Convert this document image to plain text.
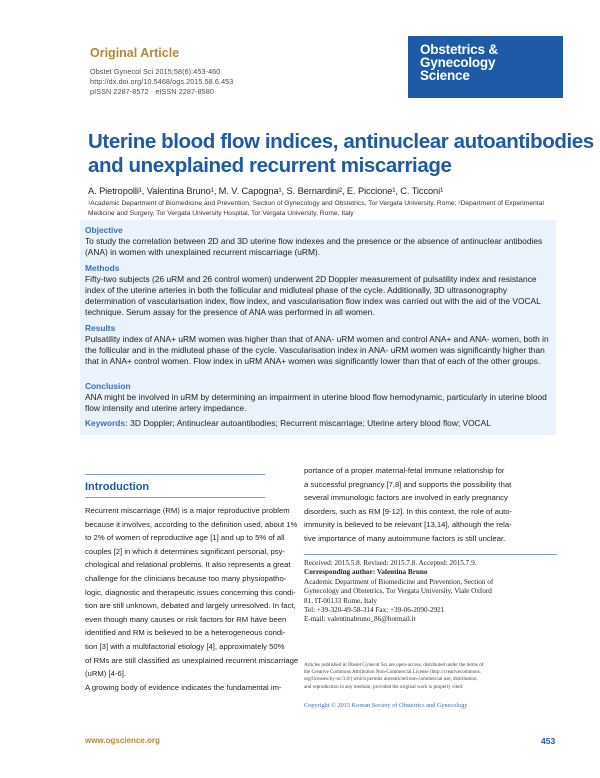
Obstetrics &
Gynecology
Science
Original Article
Obstet Gynecol Sci 2015;58(6):453-460
http://dx.doi.org/10.5468/ogs.2015.58.6.453
pISSN 2287-8572 · eISSN 2287-8580
Uterine blood flow indices, antinuclear autoantibodies
and unexplained recurrent miscarriage
A. Pietropolli¹, Valentina Bruno¹, M. V. Capogna¹, S. Bernardini², E. Piccione¹, C. Ticconi¹
¹Academic Department of Biomedicine and Prevention, Section of Gynecology and Obstetrics, Tor Vergata University, Rome; ²Department of Experimental Medicine and Surgery, Tor Vergata University Hospital, Tor Vergata University, Rome, Italy
Objective
To study the correlation between 2D and 3D uterine flow indexes and the presence or the absence of antinuclear antibodies (ANA) in women with unexplained recurrent miscarriage (uRM).
Methods
Fifty-two subjects (26 uRM and 26 control women) underwent 2D Doppler measurement of pulsatility index and resistance index of the uterine arteries in both the follicular and midluteal phase of the cycle. Additionally, 3D ultrasonography determination of vascularisation index, flow index, and vascularisation flow index was carried out with the aid of the VOCAL technique. Serum assay for the presence of ANA was performed in all women.
Results
Pulsatility index of ANA+ uRM women was higher than that of ANA- uRM women and control ANA+ and ANA- women, both in the follicular and in the midluteal phase of the cycle. Vascularisation index in ANA- uRM women was significantly higher than that in ANA+ control women. Flow index in uRM ANA+ women was significantly lower than that of each of the other groups.
Conclusion
ANA might be involved in uRM by determining an impairment in uterine blood flow hemodynamic, particularly in uterine blood flow intensity and uterine artery impedance.
Keywords: 3D Doppler; Antinuclear autoantibodies; Recurrent miscarriage; Uterine artery blood flow; VOCAL
Introduction
Recurrent miscarriage (RM) is a major reproductive problem
because it involves, according to the definition used, about 1%
to 2% of women of reproductive age [1] and up to 5% of all
couples [2] in which it determines significant personal, psy-
chological and relational problems. It also represents a great
challenge for the clinicians because too many physiopatho-
logic, diagnostic and therapeutic issues concerning this condi-
tion are still unknown, debated and largely unresolved. In fact,
even though many causes or risk factors for RM have been
identified and RM is believed to be a heterogeneous condi-
tion [3] with a multifactorial etiology [4], approximately 50%
of RMs are still classified as unexplained recurrent miscarriage
(uRM) [4-6].
A growing body of evidence indicates the fundamental im-
portance of a proper maternal-fetal immune relationship for
a successful pregnancy [7,8] and supports the possibility that
several immunologic factors are involved in early pregnancy
disorders, such as RM [9-12]. In this context, the role of auto-
immunity is believed to be relevant [13,14], although the rela-
tive importance of many autoimmune factors is still unclear.
Received: 2015.5.8. Revised: 2015.7.8. Accepted: 2015.7.9.
Corresponding author: Valentina Bruno
Academic Department of Biomedicine and Prevention, Section of
Gynecology and Obstetrics, Tor Vergata University, Viale Oxford
81, IT-00133 Rome, Italy
Tel: +39-320-49-58-314 Fax: +39-06-2090-2921
E-mail: valentinabruno_86@hotmail.it
Articles published in Obstet Gynecol Sci are open-access, distributed under the terms of
the Creative Commons Attribution Non-Commercial License (http://creativecommons.
org/licenses/by-nc/3.0/) which permits unrestricted non-commercial use, distribution,
and reproduction in any medium, provided the original work is properly cited.
Copyright © 2015 Korean Society of Obstetrics and Gynecology
www.ogscience.org	453
